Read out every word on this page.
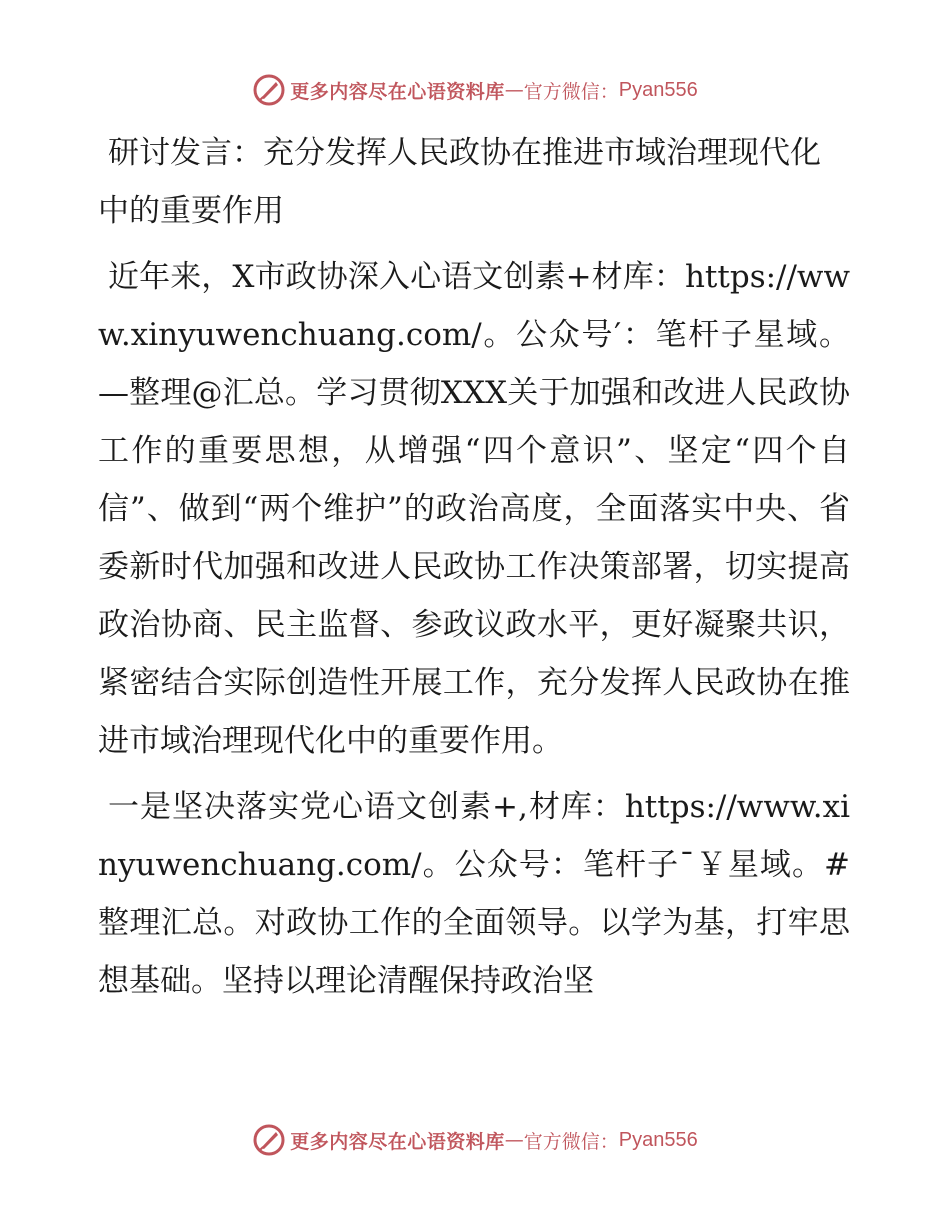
更多内容尽在心语资料库 — 官方微信： Pyan556
研讨发言：充分发挥人民政协在推进市域治理现代化中的重要作用

近年来，X市政协深入心语文创素+材库：https://www.xinyuwenchuang.com/。公众号′：笔杆子星域。—整理@汇总。学习贯彻XXX关于加强和改进人民政协工作的重要思想，从增强“四个意识”、坚定“四个自信”、做到“两个维护”的政治高度，全面落实中央、省委新时代加强和改进人民政协工作决策部署，切实提高政治协商、民主监督、参政议政水平，更好凝聚共识，紧密结合实际创造性开展工作，充分发挥人民政协在推进市域治理现代化中的重要作用。

一是坚决落实党心语文创素+,材库：https://www.xinyuwenchuang.com/。公众号：笔杆子¯￥星域。#整理汇总。对政协工作的全面领导。以学为基，打牢思想基础。坚持以理论清醒保持政治坚

更多内容尽在心语资料库 — 官方微信： Pyan556
